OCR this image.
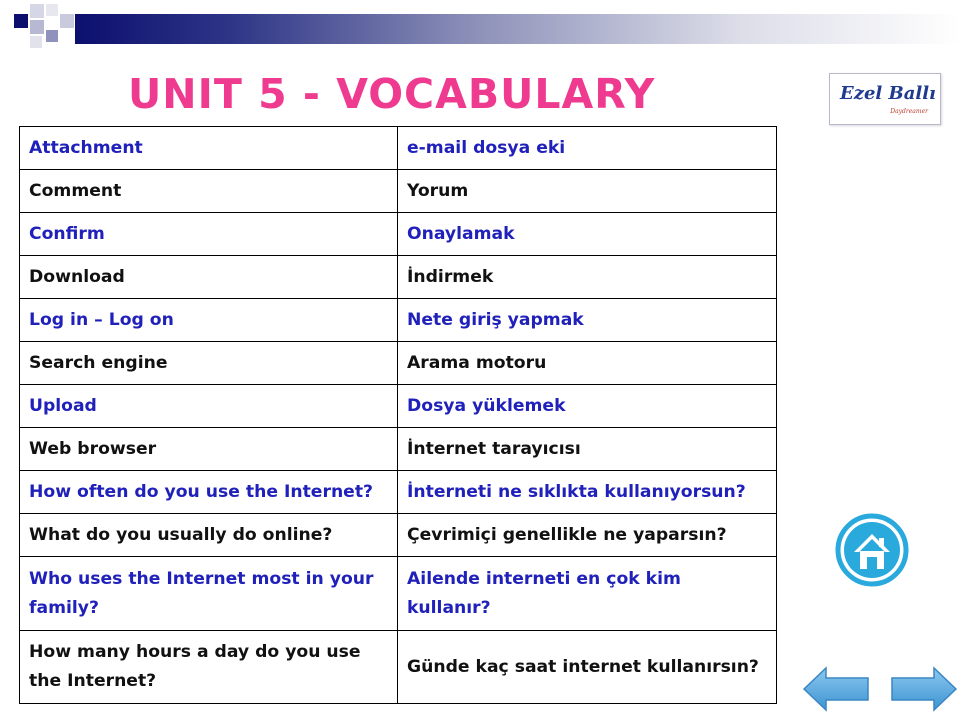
UNIT 5 - VOCABULARY	Ezel Ballı
Daydreamer
Attachment	e-mail dosya eki
Comment	Yorum
Confirm	Onaylamak
Download	İndirmek
Log in – Log on	Nete giriş yapmak
Search engine	Arama motoru
Upload	Dosya yüklemek
Web browser	İnternet tarayıcısı
How often do you use the Internet?	İnterneti ne sıklıkta kullanıyorsun?
What do you usually do online?	Çevrimiçi genellikle ne yaparsın?
Who uses the Internet most in your family?	Ailende interneti en çok kim kullanır?
How many hours a day do you use the Internet?	Günde kaç saat internet kullanırsın?
